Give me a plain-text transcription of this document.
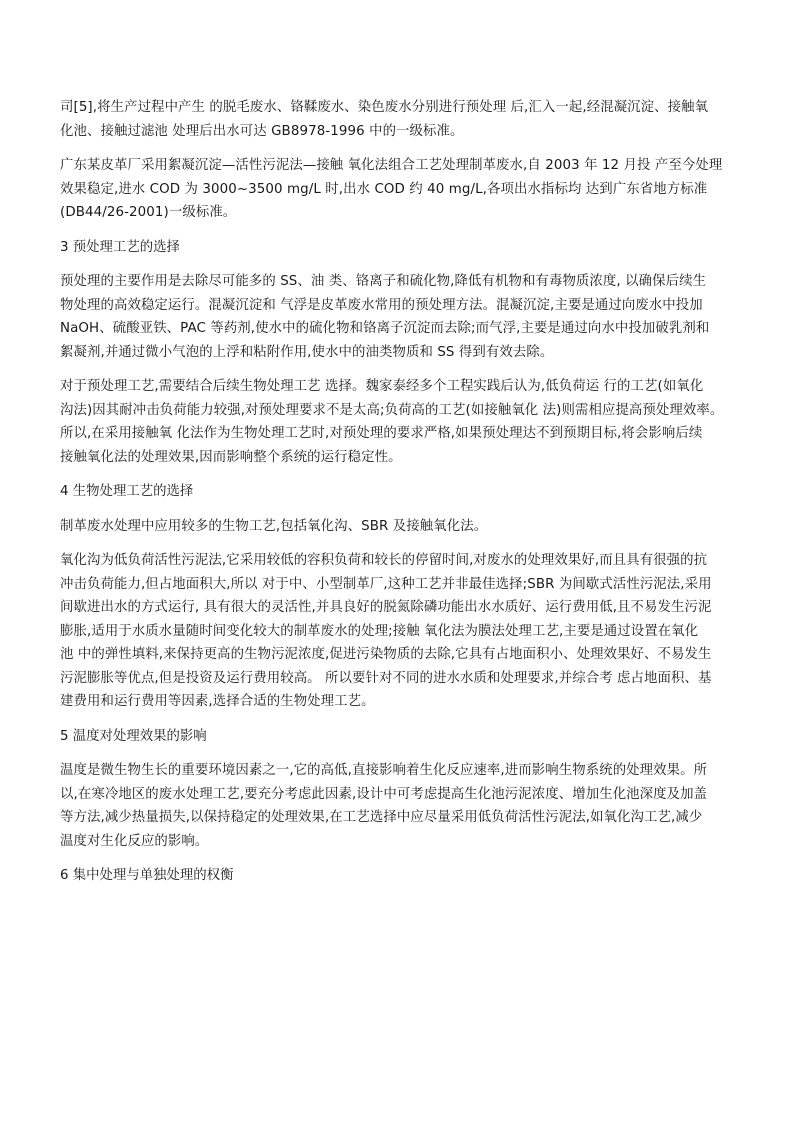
司[5],将生产过程中产生 的脱毛废水、铬鞣废水、染色废水分别进行预处理 后,汇入一起,经混凝沉淀、接触氧
化池、接触过滤池 处理后出水可达 GB8978-1996 中的一级标准。
广东某皮革厂采用絮凝沉淀—活性污泥法—接触 氧化法组合工艺处理制革废水,自 2003 年 12 月投 产至今处理
效果稳定,进水 COD 为 3000~3500 mg/L 时,出水 COD 约 40 mg/L,各项出水指标均 达到广东省地方标准
(DB44/26-2001)一级标准。
3 预处理工艺的选择
预处理的主要作用是去除尽可能多的 SS、油 类、铬离子和硫化物,降低有机物和有毒物质浓度, 以确保后续生
物处理的高效稳定运行。混凝沉淀和 气浮是皮革废水常用的预处理方法。混凝沉淀,主要是通过向废水中投加
NaOH、硫酸亚铁、PAC 等药剂,使水中的硫化物和铬离子沉淀而去除;而气浮,主要是通过向水中投加破乳剂和
絮凝剂,并通过微小气泡的上浮和粘附作用,使水中的油类物质和 SS 得到有效去除。
对于预处理工艺,需要结合后续生物处理工艺 选择。魏家泰经多个工程实践后认为,低负荷运 行的工艺(如氧化
沟法)因其耐冲击负荷能力较强,对预处理要求不是太高;负荷高的工艺(如接触氧化 法)则需相应提高预处理效率。
所以,在采用接触氧 化法作为生物处理工艺时,对预处理的要求严格,如果预处理达不到预期目标,将会影响后续
接触氧化法的处理效果,因而影响整个系统的运行稳定性。
4 生物处理工艺的选择
制革废水处理中应用较多的生物工艺,包括氧化沟、SBR 及接触氧化法。
氧化沟为低负荷活性污泥法,它采用较低的容积负荷和较长的停留时间,对废水的处理效果好,而且具有很强的抗
冲击负荷能力,但占地面积大,所以 对于中、小型制革厂,这种工艺并非最佳选择;SBR 为间歇式活性污泥法,采用
间歇进出水的方式运行, 具有很大的灵活性,并具良好的脱氮除磷功能出水水质好、运行费用低,且不易发生污泥
膨胀,适用于水质水量随时间变化较大的制革废水的处理;接触 氧化法为膜法处理工艺,主要是通过设置在氧化
池 中的弹性填料,来保持更高的生物污泥浓度,促进污染物质的去除,它具有占地面积小、处理效果好、不易发生
污泥膨胀等优点,但是投资及运行费用较高。 所以要针对不同的进水水质和处理要求,并综合考 虑占地面积、基
建费用和运行费用等因素,选择合适的生物处理工艺。
5 温度对处理效果的影响
温度是微生物生长的重要环境因素之一,它的高低,直接影响着生化反应速率,进而影响生物系统的处理效果。所
以,在寒冷地区的废水处理工艺,要充分考虑此因素,设计中可考虑提高生化池污泥浓度、增加生化池深度及加盖
等方法,减少热量损失,以保持稳定的处理效果,在工艺选择中应尽量采用低负荷活性污泥法,如氧化沟工艺,减少
温度对生化反应的影响。
6 集中处理与单独处理的权衡
